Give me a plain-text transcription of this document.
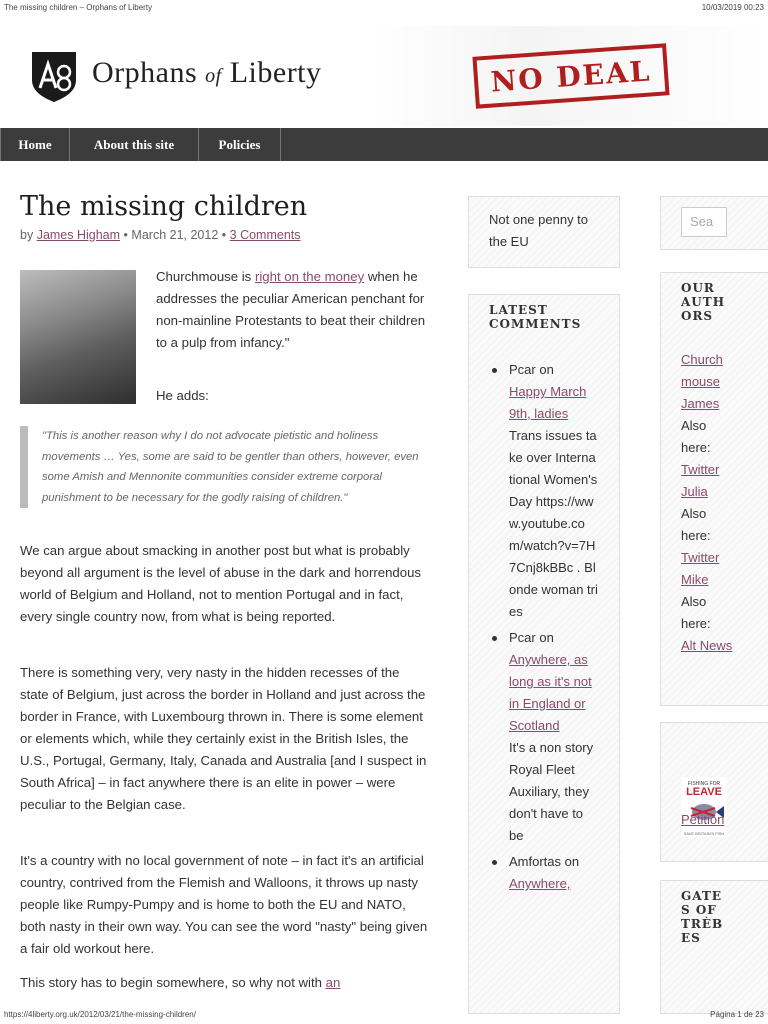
The missing children – Orphans of Liberty	10/03/2019 00:23
Orphans of Liberty	NO DEAL
Home	About this site	Policies
The missing children
by James Higham • March 21, 2012 • 3 Comments
Churchmouse is right on the money when he addresses the peculiar American penchant for non-mainline Protestants to beat their children to a pulp from infancy."
He adds:
"This is another reason why I do not advocate pietistic and holiness movements … Yes, some are said to be gentler than others, however, even some Amish and Mennonite communities consider extreme corporal punishment to be necessary for the godly raising of children."

We can argue about smacking in another post but what is probably beyond all argument is the level of abuse in the dark and horrendous world of Belgium and Holland, not to mention Portugal and in fact, every single country now, from what is being reported.

There is something very, very nasty in the hidden recesses of the state of Belgium, just across the border in Holland and just across the border in France, with Luxembourg thrown in. There is some element or elements which, while they certainly exist in the British Isles, the U.S., Portugal, Germany, Italy, Canada and Australia [and I suspect in South Africa] – in fact anywhere there is an elite in power – were peculiar to the Belgian case.

It's a country with no local government of note – in fact it's an artificial country, contrived from the Flemish and Walloons, it throws up nasty people like Rumpy-Pumpy and is home to both the EU and NATO, both nasty in their own way. You can see the word "nasty" being given a fair old workout here.

This story has to begin somewhere, so why not with an

Not one penny to the EU
LATEST COMMENTS
Pcar on
Happy March 9th, ladies
Trans issues take over International Women's Day https://www.youtube.com/watch?v=7H7Cnj8kBBc . Blonde woman tries
Pcar on
Anywhere, as long as it's not in England or Scotland
It's a non story Royal Fleet Auxiliary, they don't have to be
Amfortas on
Anywhere,
Sea
OUR AUTHORS
Churchmouse
James
Also here:
Twitter
Julia
Also here:
Twitter
Mike
Also here:
Alt News
FISHING FOR
LEAVE
SAVE BRITAIN'S FISH
Petition
GATES OF TRÈBES
https://4liberty.org.uk/2012/03/21/the-missing-children/	Página 1 de 23
